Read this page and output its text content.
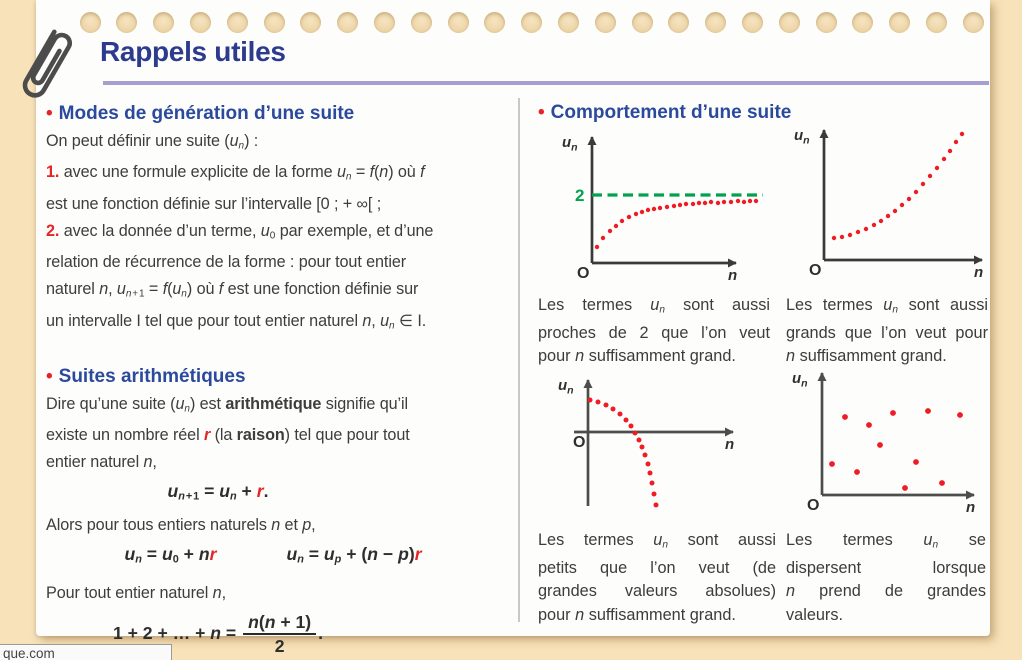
Rappels utiles
• Modes de génération d’une suite
On peut définir une suite $(u_n)$ :
1. avec une formule explicite de la forme $u_n = f(n)$ où f
est une fonction définie sur l’intervalle [0 ; + ∞[ ;
2. avec la donnée d’un terme, $u_0$ par exemple, et d’une
relation de récurrence de la forme : pour tout entier
naturel n, $u_{n + 1} = f(u_n)$ où f est une fonction définie sur
un intervalle I tel que pour tout entier naturel n, $u_n$ ∈ I.
• Suites arithmétiques
Dire qu’une suite $(u_n)$ est arithmétique signifie qu’il
existe un nombre réel r (la raison) tel que pour tout
entier naturel n,
$u_{n + 1} = u_n + r$.
Alors pour tous entiers naturels n et p,
$u_n = u_0$ + nr	$u_n = u_p + (n - p)r$
Pour tout entier naturel n,
1 + 2 + … + $n = \frac{n(n + 1)}{2}$ .
• Comportement d’une suite
2
$u_n$
O	n
$u_n$
O	n
$u_n$
O	n
$u_n$
O	n
Les termes $u_n$ sont aussi
proches de 2 que l’on veut
pour n suffisamment grand.
Les termes $u_n$ sont aussi
grands que l’on veut pour
n suffisamment grand.
Les termes $u_n$ sont aussi
petits que l’on veut (de
grandes valeurs absolues)
pour n suffisamment grand.
Les termes $u_n$ se
dispersent lorsque
n prend de grandes
valeurs.
que.com
